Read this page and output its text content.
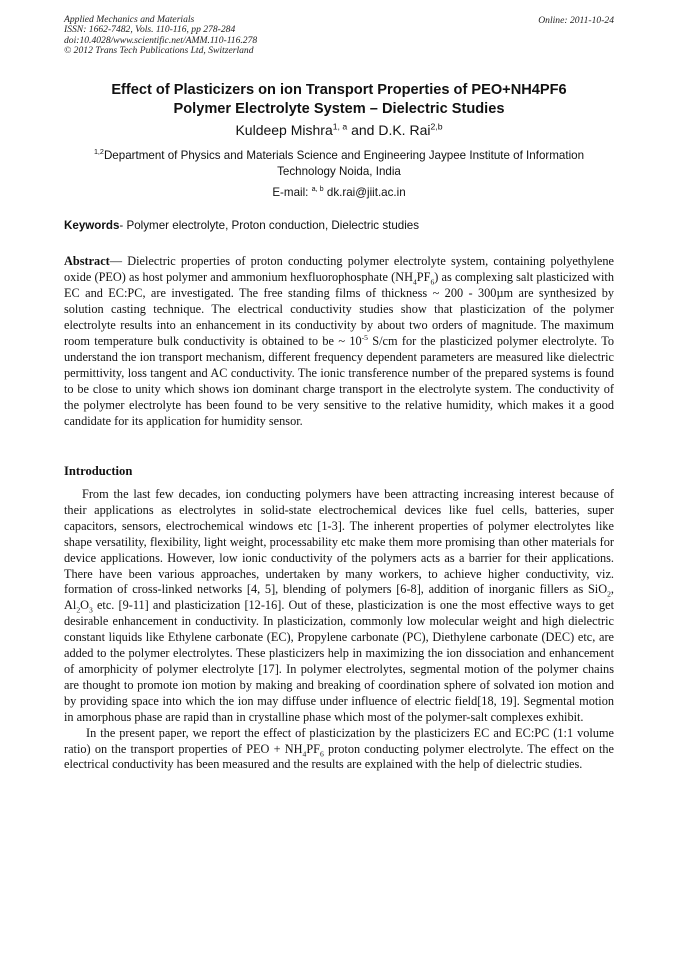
Applied Mechanics and Materials
ISSN: 1662-7482, Vols. 110-116, pp 278-284
doi:10.4028/www.scientific.net/AMM.110-116.278
© 2012 Trans Tech Publications Ltd, Switzerland
Online: 2011-10-24
Effect of Plasticizers on ion Transport Properties of PEO+NH4PF6
Polymer Electrolyte System – Dielectric Studies
Kuldeep Mishra$^{1, a}$ and D.K. Rai$^{2,b}$
$^{1,2}$Department of Physics and Materials Science and Engineering Jaypee Institute of Information
Technology Noida, India
E-mail: $^{a, b}$ dk.rai@jiit.ac.in
Keywords- Polymer electrolyte, Proton conduction, Dielectric studies
Abstract— Dielectric properties of proton conducting polymer electrolyte system, containing polyethylene oxide (PEO) as host polymer and ammonium hexfluorophosphate $(NH_4PF_6)$ as complexing salt plasticized with EC and EC:PC, are investigated. The free standing films of thickness ~ 200 - 300µm are synthesized by solution casting technique. The electrical conductivity studies show that plasticization of the polymer electrolyte results into an enhancement in its conductivity by about two orders of magnitude. The maximum room temperature bulk conductivity is obtained to be ~ $10^{-5}$ S/cm for the plasticized polymer electrolyte. To understand the ion transport mechanism, different frequency dependent parameters are measured like dielectric permittivity, loss tangent and AC conductivity. The ionic transference number of the prepared systems is found to be close to unity which shows ion dominant charge transport in the electrolyte system. The conductivity of the polymer electrolyte has been found to be very sensitive to the relative humidity, which makes it a good candidate for its application for humidity sensor.
Introduction

From the last few decades, ion conducting polymers have been attracting increasing interest because of their applications as electrolytes in solid-state electrochemical devices like fuel cells, batteries, super capacitors, sensors, electrochemical windows etc [1-3]. The inherent properties of polymer electrolytes like shape versatility, flexibility, light weight, processability etc make them more promising than other materials for device applications. However, low ionic conductivity of the polymers acts as a barrier for their applications. There have been various approaches, undertaken by many workers, to achieve higher conductivity, viz. formation of cross-linked networks [4, 5], blending of polymers [6-8], addition of inorganic fillers as SiO$_2$, $Al_2O_3$ etc. [9-11] and plasticization [12-16]. Out of these, plasticization is one the most effective ways to get desirable enhancement in conductivity. In plasticization, commonly low molecular weight and high dielectric constant liquids like Ethylene carbonate (EC), Propylene carbonate (PC), Diethylene carbonate (DEC) etc, are added to the polymer electrolytes. These plasticizers help in maximizing the ion dissociation and enhancement of amorphicity of polymer electrolyte [17]. In polymer electrolytes, segmental motion of the polymer chains are thought to promote ion motion by making and breaking of coordination sphere of solvated ion motion and by providing space into which the ion may diffuse under influence of electric field[18, 19]. Segmental motion in amorphous phase are rapid than in crystalline phase which most of the polymer-salt complexes exhibit.

In the present paper, we report the effect of plasticization by the plasticizers EC and EC:PC (1:1 volume ratio) on the transport properties of PEO + $NH_4PF_6$ proton conducting polymer electrolyte. The effect on the electrical conductivity has been measured and the results are explained with the help of dielectric studies.
